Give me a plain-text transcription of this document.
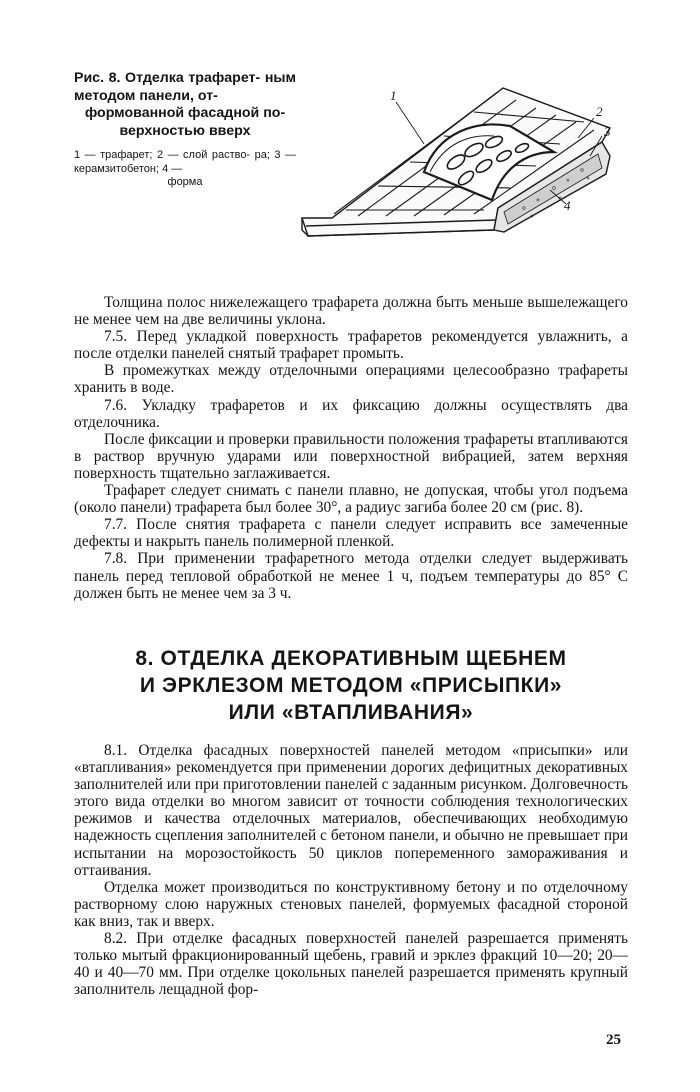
Рис. 8. Отделка трафарет- ным методом панели, от-
формованной фасадной по-
верхностью вверх
1 — трафарет; 2 — слой раство- ра; 3 — керамзитобетон; 4 —
форма
1
2
3
4

Толщина полос нижележащего трафарета должна быть меньше вышележащего не менее чем на две величины уклона.

7.5. Перед укладкой поверхность трафаретов рекомендуется увлажнить, а после отделки панелей снятый трафарет промыть.

В промежутках между отделочными операциями целесообразно трафареты хранить в воде.

7.6. Укладку трафаретов и их фиксацию должны осуществлять два отделочника.

После фиксации и проверки правильности положения трафареты втапливаются в раствор вручную ударами или поверхностной вибрацией, затем верхняя поверхность тщательно заглаживается.

Трафарет следует снимать с панели плавно, не допуская, чтобы угол подъема (около панели) трафарета был более 30°, а радиус загиба более 20 см (рис. 8).

7.7. После снятия трафарета с панели следует исправить все замеченные дефекты и накрыть панель полимерной пленкой.

7.8. При применении трафаретного метода отделки следует выдерживать панель перед тепловой обработкой не менее 1 ч, подъем температуры до 85° С должен быть не менее чем за 3 ч.

8. ОТДЕЛКА ДЕКОРАТИВНЫМ ЩЕБНЕМ
И ЭРКЛЕЗОМ МЕТОДОМ «ПРИСЫПКИ»
ИЛИ «ВТАПЛИВАНИЯ»

8.1. Отделка фасадных поверхностей панелей методом «присыпки» или «втапливания» рекомендуется при применении дорогих дефицитных декоративных заполнителей или при приготовлении панелей с заданным рисунком. Долговечность этого вида отделки во многом зависит от точности соблюдения технологических режимов и качества отделочных материалов, обеспечивающих необходимую надежность сцепления заполнителей с бетоном панели, и обычно не превышает при испытании на морозостойкость 50 циклов попеременного замораживания и оттаивания.

Отделка может производиться по конструктивному бетону и по отделочному растворному слою наружных стеновых панелей, формуемых фасадной стороной как вниз, так и вверх.

8.2. При отделке фасадных поверхностей панелей разрешается применять только мытый фракционированный щебень, гравий и эрклез фракций 10—20; 20—40 и 40—70 мм. При отделке цокольных панелей разрешается применять крупный заполнитель лещадной фор-

25
